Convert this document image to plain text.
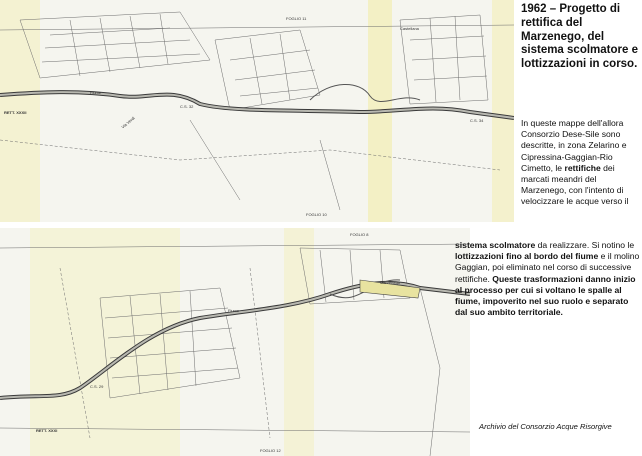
FOGLIO 11
FOGLIO 10
Castellana
Via Verdi
Fiume
RETT. XXXII
C.S. 32
C.S. 34
FOGLIO 8
FOGLIO 12
Fiume
Marzenego
RETT. XXXI
C.S. 29
1962 – Progetto di rettifica del Marzenego, del sistema scolmatore e lottizzazioni in corso.
In queste mappe dell'allora Consorzio Dese-Sile sono descritte, in zona Zelarino e Cipressina-Gaggian-Rio Cimetto, le rettifiche dei marcati meandri del Marzenego, con l'intento di velocizzare le acque verso il
sistema scolmatore da realizzare. Si notino le lottizzazioni fino al bordo del fiume e il molino Gaggian, poi eliminato nel corso di successive rettifiche. Queste trasformazioni danno inizio al processo per cui si voltano le spalle al fiume, impoverito nel suo ruolo e separato dal suo ambito territoriale.
Archivio del Consorzio Acque Risorgive
